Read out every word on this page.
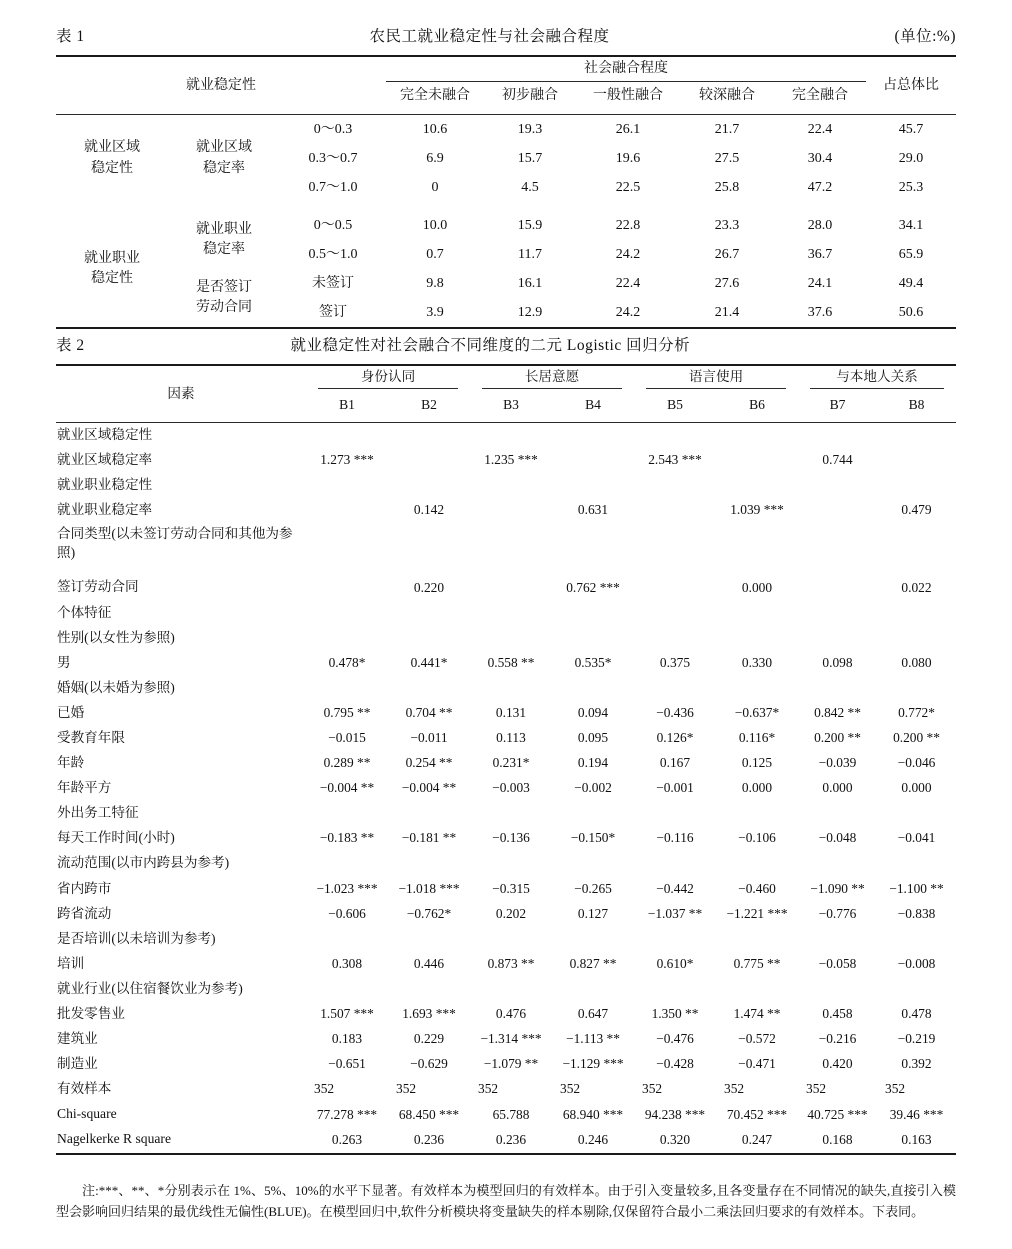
表 1	农民工就业稳定性与社会融合程度	(单位:%)
就业稳定性			社会融合程度					占总体比
			完全未融合	初步融合	一般性融合	较深融合	完全融合	
就业区域
稳定性	就业区域
稳定率	0～0.3	10.6	19.3	26.1	21.7	22.4	45.7
		0.3～0.7	6.9	15.7	19.6	27.5	30.4	29.0
		0.7～1.0	0	4.5	22.5	25.8	47.2	25.3

就业职业
稳定性	就业职业
稳定率	0～0.5	10.0	15.9	22.8	23.3	28.0	34.1
		0.5～1.0	0.7	11.7	24.2	26.7	36.7	65.9
	是否签订
劳动合同	未签订	9.8	16.1	22.4	27.6	24.1	49.4
		签订	3.9	12.9	24.2	21.4	37.6	50.6
表 2	就业稳定性对社会融合不同维度的二元 Logistic 回归分析
因素	身份认同		长居意愿		语言使用		与本地人关系	

	B1	B2	B3	B4	B5	B6	B7	B8
就业区域稳定性								
就业区域稳定率	1.273 ***		1.235 ***		2.543 ***		0.744	
就业职业稳定性								
就业职业稳定率		0.142		0.631		1.039 ***		0.479
合同类型(以未签订劳动合同和其他为参照)								
签订劳动合同		0.220		0.762 ***		0.000		0.022
个体特征								
性别(以女性为参照)								
男	0.478*	0.441*	0.558 **	0.535*	0.375	0.330	0.098	0.080
婚姻(以未婚为参照)								
已婚	0.795 **	0.704 **	0.131	0.094	−0.436	−0.637*	0.842 **	0.772*
受教育年限	−0.015	−0.011	0.113	0.095	0.126*	0.116*	0.200 **	0.200 **
年龄	0.289 **	0.254 **	0.231*	0.194	0.167	0.125	−0.039	−0.046
年龄平方	−0.004 **	−0.004 **	−0.003	−0.002	−0.001	0.000	0.000	0.000
外出务工特征								
每天工作时间(小时)	−0.183 **	−0.181 **	−0.136	−0.150*	−0.116	−0.106	−0.048	−0.041
流动范围(以市内跨县为参考)								
省内跨市	−1.023 ***	−1.018 ***	−0.315	−0.265	−0.442	−0.460	−1.090 **	−1.100 **
跨省流动	−0.606	−0.762*	0.202	0.127	−1.037 **	−1.221 ***	−0.776	−0.838
是否培训(以未培训为参考)								
培训	0.308	0.446	0.873 **	0.827 **	0.610*	0.775 **	−0.058	−0.008
就业行业(以住宿餐饮业为参考)								
批发零售业	1.507 ***	1.693 ***	0.476	0.647	1.350 **	1.474 **	0.458	0.478
建筑业	0.183	0.229	−1.314 ***	−1.113 **	−0.476	−0.572	−0.216	−0.219
制造业	−0.651	−0.629	−1.079 **	−1.129 ***	−0.428	−0.471	0.420	0.392
有效样本	352	352	352	352	352	352	352	352
Chi-square	77.278 ***	68.450 ***	65.788	68.940 ***	94.238 ***	70.452 ***	40.725 ***	39.46 ***
Nagelkerke R square	0.263	0.236	0.236	0.246	0.320	0.247	0.168	0.163
注:***、**、*分别表示在 1%、5%、10%的水平下显著。有效样本为模型回归的有效样本。由于引入变量较多,且各变量存在不同情况的缺失,直接引入模型会影响回归结果的最优线性无偏性(BLUE)。在模型回归中,软件分析模块将变量缺失的样本剔除,仅保留符合最小二乘法回归要求的有效样本。下表同。
